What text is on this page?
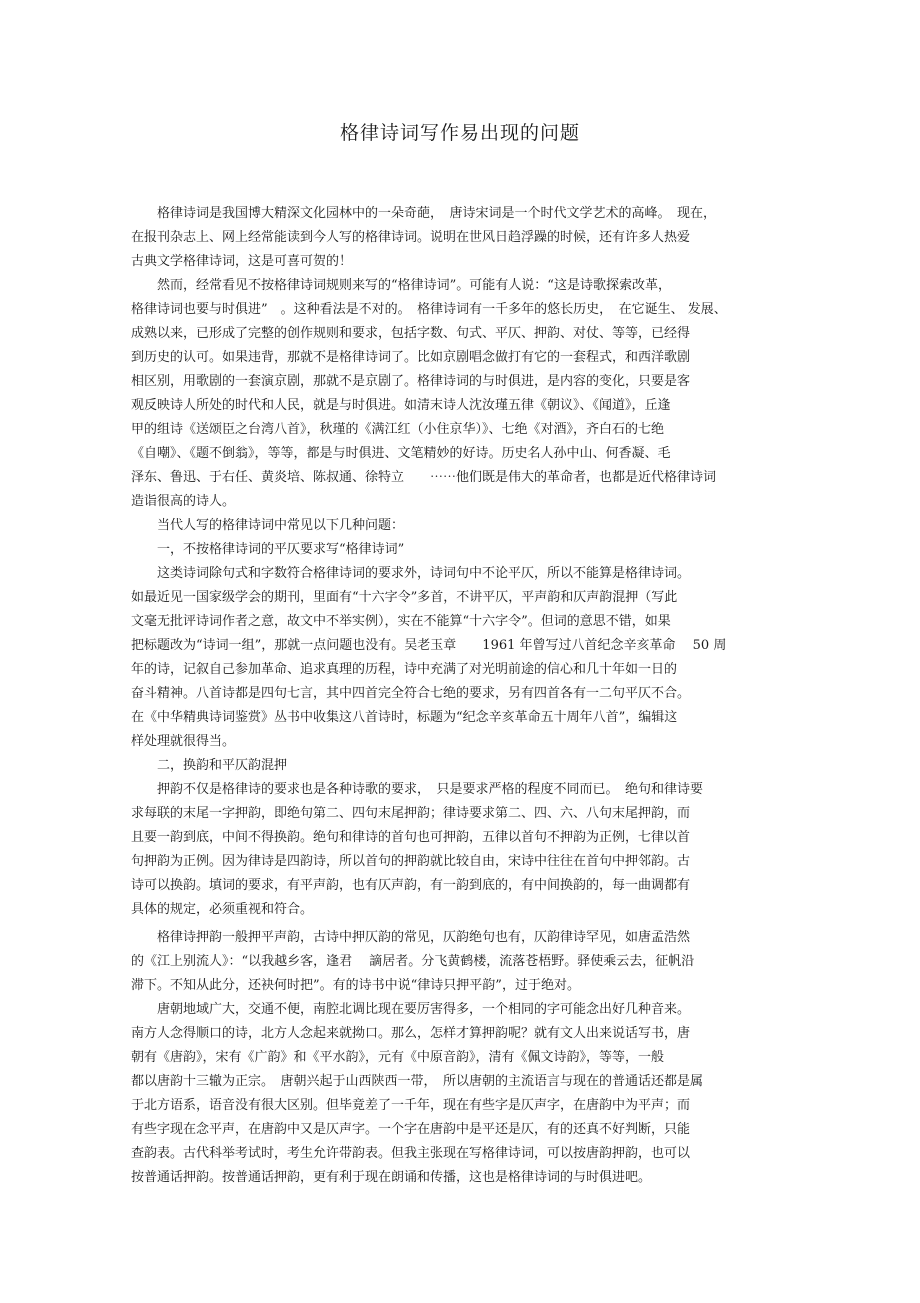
格律诗词写作易出现的问题
　　格律诗词是我国博大精深文化园林中的一朵奇葩，　唐诗宋词是一个时代文学艺术的高峰。　现在，
在报刊杂志上、网上经常能读到今人写的格律诗词。说明在世风日趋浮躁的时候，还有许多人热爱
古典文学格律诗词，这是可喜可贺的！
　　然而，经常看见不按格律诗词规则来写的“格律诗词”。可能有人说：“这是诗歌探索改革，
格律诗词也要与时俱进”　。这种看法是不对的。　格律诗词有一千多年的悠长历史，　在它诞生、 发展、
成熟以来，已形成了完整的创作规则和要求，包括字数、句式、平仄、押韵、对仗、等等，已经得
到历史的认可。如果违背，那就不是格律诗词了。比如京剧唱念做打有它的一套程式，和西洋歌剧
相区别，用歌剧的一套演京剧，那就不是京剧了。格律诗词的与时俱进，是内容的变化，只要是客
观反映诗人所处的时代和人民，就是与时俱进。如清末诗人沈汝瑾五律《朝议》、《闻道》，丘逢
甲的组诗《送颂臣之台湾八首》，秋瑾的《满江红（小住京华）》、七绝《对酒》，齐白石的七绝
《自嘲》、《题不倒翁》，等等，都是与时俱进、文笔精妙的好诗。历史名人孙中山、何香凝、毛
泽东、鲁迅、于右任、黄炎培、陈叔通、徐特立　　⋯⋯他们既是伟大的革命者，也都是近代格律诗词
造诣很高的诗人。
　　当代人写的格律诗词中常见以下几种问题：
　　一，不按格律诗词的平仄要求写“格律诗词”
　　这类诗词除句式和字数符合格律诗词的要求外，诗词句中不论平仄，所以不能算是格律诗词。
如最近见一国家级学会的期刊，里面有“十六字令”多首，不讲平仄，平声韵和仄声韵混押（写此
文毫无批评诗词作者之意，故文中不举实例），实在不能算“十六字令”。但词的意思不错，如果
把标题改为“诗词一组”，那就一点问题也没有。吴老玉章　　1961 年曾写过八首纪念辛亥革命　 50 周
年的诗，记叙自己参加革命、追求真理的历程，诗中充满了对光明前途的信心和几十年如一日的
奋斗精神。八首诗都是四句七言，其中四首完全符合七绝的要求，另有四首各有一二句平仄不合。
在《中华精典诗词鉴赏》丛书中收集这八首诗时，标题为“纪念辛亥革命五十周年八首”，编辑这
样处理就很得当。
　　二，换韵和平仄韵混押
　　押韵不仅是格律诗的要求也是各种诗歌的要求，　只是要求严格的程度不同而已。　绝句和律诗要
求每联的末尾一字押韵，即绝句第二、四句末尾押韵；律诗要求第二、四、六、八句末尾押韵，而
且要一韵到底，中间不得换韵。绝句和律诗的首句也可押韵，五律以首句不押韵为正例，七律以首
句押韵为正例。因为律诗是四韵诗，所以首句的押韵就比较自由，宋诗中往往在首句中押邻韵。古
诗可以换韵。填词的要求，有平声韵，也有仄声韵，有一韵到底的，有中间换韵的，每一曲调都有
具体的规定，必须重视和符合。
　　格律诗押韵一般押平声韵，古诗中押仄韵的常见，仄韵绝句也有，仄韵律诗罕见，如唐孟浩然
的《江上别流人》：“以我越乡客，逢君　 謫居者。分飞黄鹤楼，流落苍梧野。驿使乘云去，征帆沿
滞下。不知从此分，还袂何时把”。有的诗书中说“律诗只押平韵”，过于绝对。
　　唐朝地域广大，交通不便，南腔北调比现在要厉害得多，一个相同的字可能念出好几种音来。
南方人念得顺口的诗，北方人念起来就拗口。那么，怎样才算押韵呢？就有文人出来说话写书，唐
朝有《唐韵》，宋有《广韵》和《平水韵》，元有《中原音韵》，清有《佩文诗韵》，等等，一般
都以唐韵十三辙为正宗。　唐朝兴起于山西陕西一带，　所以唐朝的主流语言与现在的普通话还都是属
于北方语系，语音没有很大区别。但毕竟差了一千年，现在有些字是仄声字，在唐韵中为平声；而
有些字现在念平声，在唐韵中又是仄声字。一个字在唐韵中是平还是仄，有的还真不好判断，只能
查韵表。古代科举考试时，考生允许带韵表。但我主张现在写格律诗词，可以按唐韵押韵，也可以
按普通话押韵。按普通话押韵，更有利于现在朗诵和传播，这也是格律诗词的与时俱进吧。
